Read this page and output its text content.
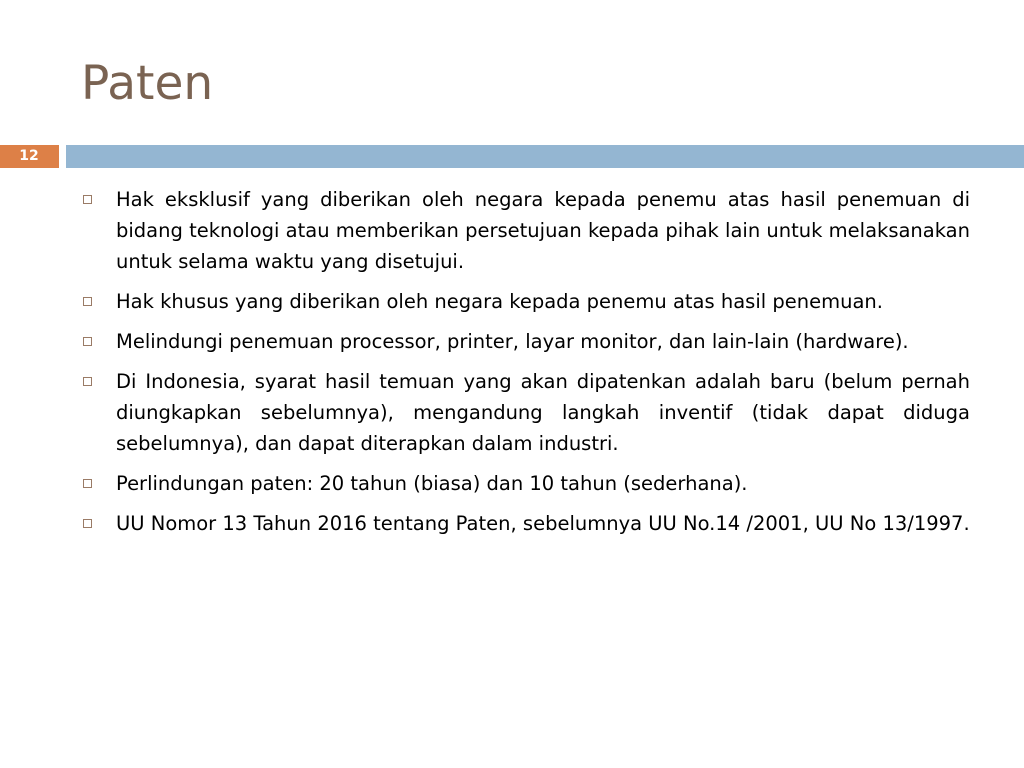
Paten
12
Hak eksklusif yang diberikan oleh negara kepada penemu atas hasil penemuan di bidang teknologi atau memberikan persetujuan kepada pihak lain untuk melaksanakan untuk selama waktu yang disetujui.
Hak khusus yang diberikan oleh negara kepada penemu atas hasil penemuan.
Melindungi penemuan processor, printer, layar monitor, dan lain-lain (hardware).
Di Indonesia, syarat hasil temuan yang akan dipatenkan adalah baru (belum pernah diungkapkan sebelumnya), mengandung langkah inventif (tidak dapat diduga sebelumnya), dan dapat diterapkan dalam industri.
Perlindungan paten: 20 tahun (biasa) dan 10 tahun (sederhana).
UU Nomor 13 Tahun 2016 tentang Paten, sebelumnya UU No.14 /2001, UU No 13/1997.
